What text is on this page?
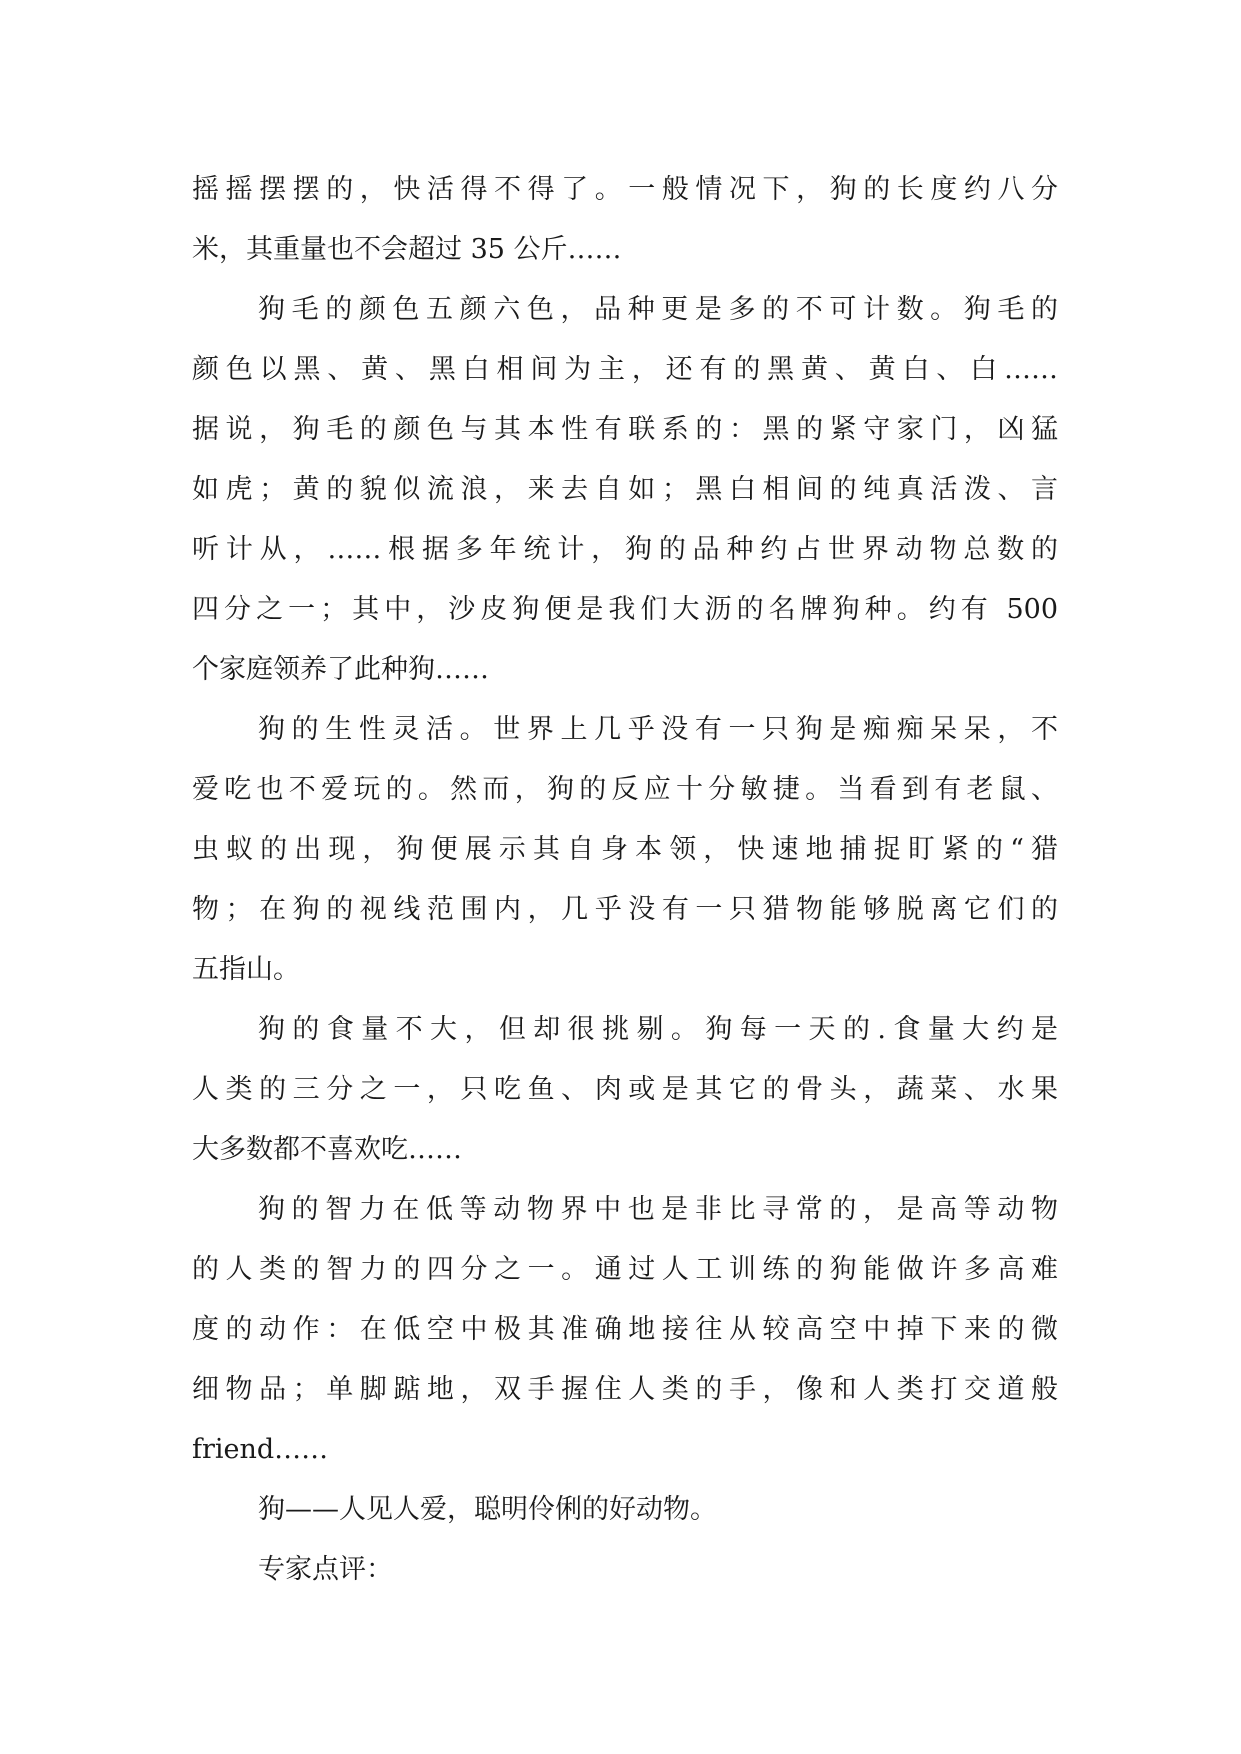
摇摇摆摆的，快活得不得了。一般情况下，狗的长度约八分
米，其重量也不会超过 35 公斤……
狗毛的颜色五颜六色，品种更是多的不可计数。狗毛的
颜色以黑、黄、黑白相间为主，还有的黑黄、黄白、白……
据说，狗毛的颜色与其本性有联系的：黑的紧守家门，凶猛
如虎；黄的貌似流浪，来去自如；黑白相间的纯真活泼、言
听计从，……根据多年统计，狗的品种约占世界动物总数的
四分之一；其中，沙皮狗便是我们大沥的名牌狗种。约有 500
个家庭领养了此种狗……
狗的生性灵活。世界上几乎没有一只狗是痴痴呆呆，不
爱吃也不爱玩的。然而，狗的反应十分敏捷。当看到有老鼠、
虫蚁的出现，狗便展示其自身本领，快速地捕捉盯紧的“猎
物；在狗的视线范围内，几乎没有一只猎物能够脱离它们的
五指山。
狗的食量不大，但却很挑剔。狗每一天的.食量大约是
人类的三分之一，只吃鱼、肉或是其它的骨头，蔬菜、水果
大多数都不喜欢吃……
狗的智力在低等动物界中也是非比寻常的，是高等动物
的人类的智力的四分之一。通过人工训练的狗能做许多高难
度的动作：在低空中极其准确地接往从较高空中掉下来的微
细物品；单脚踮地，双手握住人类的手，像和人类打交道般
friend……
狗——人见人爱，聪明伶俐的好动物。
专家点评：
